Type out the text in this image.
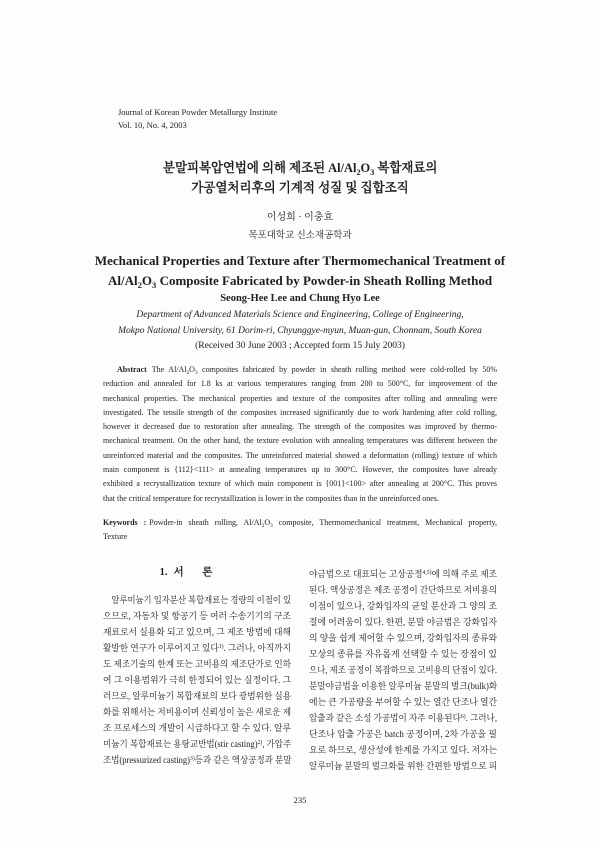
Journal of Korean Powder Metallurgy Institute
Vol. 10, No. 4, 2003
분말피복압연법에 의해 제조된 $Al/Al_2O_3$ 복합재료의
가공열처리후의 기계적 성질 및 집합조직
이성희 · 이충효
목포대학교 신소재공학과
Mechanical Properties and Texture after Thermomechanical Treatment of
$Al/Al_2O_3$ Composite Fabricated by Powder-in Sheath Rolling Method
Seong-Hee Lee and Chung Hyo Lee
Department of Advanced Materials Science and Engineering, College of Engineering,
Mokpo National University, 61 Dorim-ri, Chyunggye-myun, Muan-gun, Chonnam, South Korea
(Received 30 June 2003 ; Accepted form 15 July 2003)
Abstract The $Al/Al_2O_3$ composites fabricated by powder in sheath rolling method were cold-rolled by 50%
reduction and annealed for 1.8 ks at various temperatures ranging from 200 to 500°C, for improvement of the
mechanical properties. The mechanical properties and texture of the composites after rolling and annealing were
investigated. The tensile strength of the composites increased significantly due to work hardening after cold rolling,
however it decreased due to restoration after annealing. The strength of the composites was improved by thermo-
mechanical treatment. On the other hand, the texture evolution with annealing temperatures was different between the
unreinforced material and the composites. The unreinforced material showed a deformation (rolling) texture of which
main component is {112}<111> at annealing temperatures up to 300°C. However, the composites have already
exhibited a recrystallization texture of which main component is {001}<100> after annealing at 200°C. This proves
that the critical temperature for recrystallization is lower in the composites than in the unreinforced ones.
Keywords : Powder-in sheath rolling, $Al/Al_2O_3$ composite, Thermomechanical treatment, Mechanical property,
Texture
1. 서 론
알루미늄기 입자분산 복합재료는 경량의 이점이 있
으므로, 자동차 및 항공기 등 여러 수송기기의 구조
재료로서 실용화 되고 있으며, 그 제조 방법에 대해
활발한 연구가 이루어지고 있다$^{1)}$. 그러나, 아직까지
도 제조기술의 한계 또는 고비용의 제조단가로 인하
여 그 이용범위가 극히 한정되어 있는 실정이다. 그
러므로, 알루미늄기 복합재료의 보다 광범위한 실용
화를 위해서는 저비용이며 신뢰성이 높은 새로운 제
조 프로세스의 개발이 시급하다고 할 수 있다. 알루
미늄기 복합재료는 용탕교반법(stir casting)$^{2)}$, 가압주
조법(pressurized casting)$^{3)}$등과 같은 액상공정과 분말
야금법으로 대표되는 고상공정$^{4,5)}$에 의해 주로 제조
된다. 액상공정은 제조 공정이 간단하므로 저비용의
이점이 있으나, 강화입자의 균일 분산과 그 양의 조
절에 어려움이 있다. 한편, 분말 야금법은 강화입자
의 양을 쉽게 제어할 수 있으며, 강화입자의 종류와
모상의 종류를 자유롭게 선택할 수 있는 장점이 있
으나, 제조 공정이 복잡하므로 고비용의 단점이 있다.
분말야금법을 이용한 알루미늄 분말의 벌크(bulk)화
에는 큰 가공량을 부여할 수 있는 열간 단조나 열간
압출과 같은 소성 가공법이 자주 이용된다$^{6)}$. 그러나,
단조나 압출 가공은 batch 공정이며, 2차 가공을 필
요로 하므로, 생산성에 한계를 가지고 있다. 저자는
알루미늄 분말의 벌크화를 위한 간편한 방법으로 피
235
